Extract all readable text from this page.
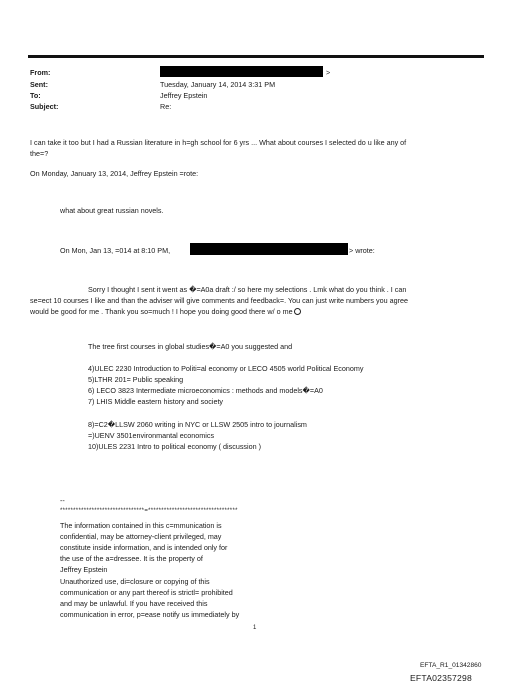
From:
Sent:
To:
Subject:
>
Tuesday, January 14, 2014 3:31 PM
Jeffrey Epstein
Re:
I can take it too but I had a Russian literature in h=gh school for 6 yrs ... What about courses I selected do u like any of
the=?
On Monday, January 13, 2014, Jeffrey Epstein =rote:
what about great russian novels.
On Mon, Jan 13, =014 at 8:10 PM,	> wrote:
Sorry I thought I sent it went as �=A0a draft :/ so here my selections . Lmk what do you think . I can
se=ect 10 courses I like and than the adviser will give comments and feedback=. You can just write numbers you agree
would be good for me . Thank you so=much ! I hope you doing good there w/ o me
The tree first courses in global studies�=A0 you suggested and
4)ULEC 2230 Introduction to Politi=al economy or LECO 4505 world Political Economy
5)LTHR 201= Public speaking
6) LECO 3823 Intermediate microeconomics : methods and models�=A0
7) LHIS Middle eastern history and society
8)=C2�LLSW 2060 writing in NYC or LLSW 2505 intro to journalism
=)UENV 3501environmantal economics
10)ULES 2231 Intro to political economy ( discussion )
--
********************************=**********************************
The information contained in this c=mmunication is
confidential, may be attorney-client privileged, may
constitute inside information, and is intended only for
the use of the a=dressee. It is the property of
Jeffrey Epstein
Unauthorized use, di=closure or copying of this
communication or any part thereof is strictl= prohibited
and may be unlawful. If you have received this
communication in error, p=ease notify us immediately by
1
EFTA_R1_01342860
EFTA02357298
